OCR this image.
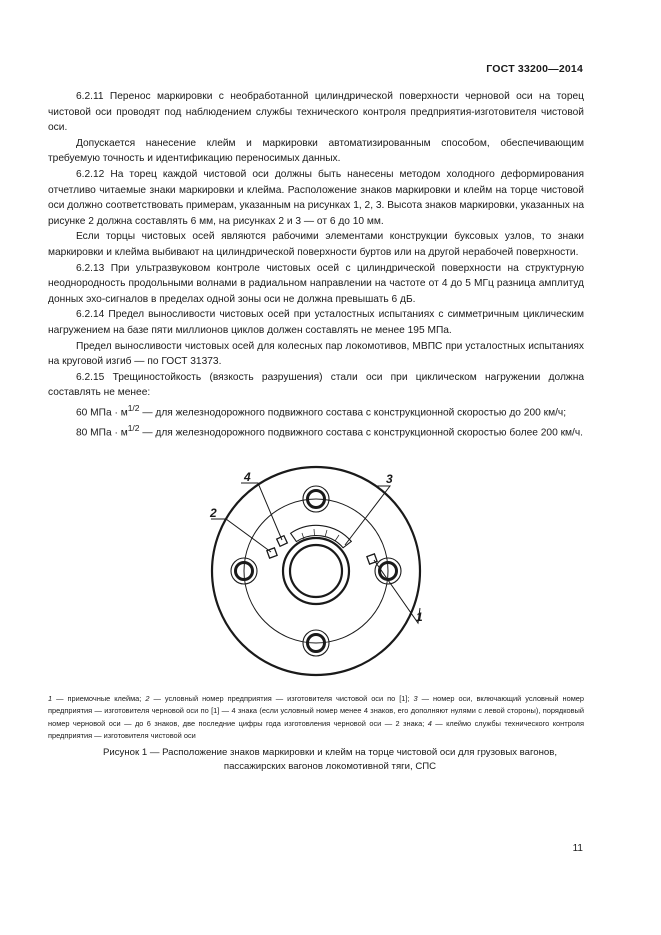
ГОСТ 33200—2014

6.2.11 Перенос маркировки с необработанной цилиндрической поверхности черновой оси на торец чистовой оси проводят под наблюдением службы технического контроля предприятия-изготовителя чистовой оси.

Допускается нанесение клейм и маркировки автоматизированным способом, обеспечивающим требуемую точность и идентификацию переносимых данных.

6.2.12 На торец каждой чистовой оси должны быть нанесены методом холодного деформирования отчетливо читаемые знаки маркировки и клейма. Расположение знаков маркировки и клейм на торце чистовой оси должно соответствовать примерам, указанным на рисунках 1, 2, 3. Высота знаков маркировки, указанных на рисунке 2 должна составлять 6 мм, на рисунках 2 и 3 — от 6 до 10 мм.

Если торцы чистовых осей являются рабочими элементами конструкции буксовых узлов, то знаки маркировки и клейма выбивают на цилиндрической поверхности буртов или на другой нерабочей поверхности.

6.2.13 При ультразвуковом контроле чистовых осей с цилиндрической поверхности на структурную неоднородность продольными волнами в радиальном направлении на частоте от 4 до 5 МГц разница амплитуд донных эхо-сигналов в пределах одной зоны оси не должна превышать 6 дБ.

6.2.14 Предел выносливости чистовых осей при усталостных испытаниях с симметричным циклическим нагружением на базе пяти миллионов циклов должен составлять не менее 195 МПа.

Предел выносливости чистовых осей для колесных пар локомотивов, МВПС при усталостных испытаниях на круговой изгиб — по ГОСТ 31373.

6.2.15 Трещиностойкость (вязкость разрушения) стали оси при циклическом нагружении должна составлять не менее:

60 МПа · $м^{1/2}$ — для железнодорожного подвижного состава с конструкционной скоростью до 200 км/ч;

80 МПа · $м^{1/2}$ — для железнодорожного подвижного состава с конструкционной скоростью более 200 км/ч.

4
2
3
1
1 — приемочные клейма; 2 — условный номер предприятия — изготовителя чистовой оси по [1]; 3 — номер оси, включающий условный номер предприятия — изготовителя черновой оси по [1] — 4 знака (если условный номер менее 4 знаков, его дополняют нулями с левой стороны), порядковый номер черновой оси — до 6 знаков, две последние цифры года изготовления черновой оси — 2 знака; 4 — клеймо службы технического контроля предприятия — изготовителя чистовой оси
Рисунок 1 — Расположение знаков маркировки и клейм на торце чистовой оси для грузовых вагонов,
пассажирских вагонов локомотивной тяги, СПС
11
